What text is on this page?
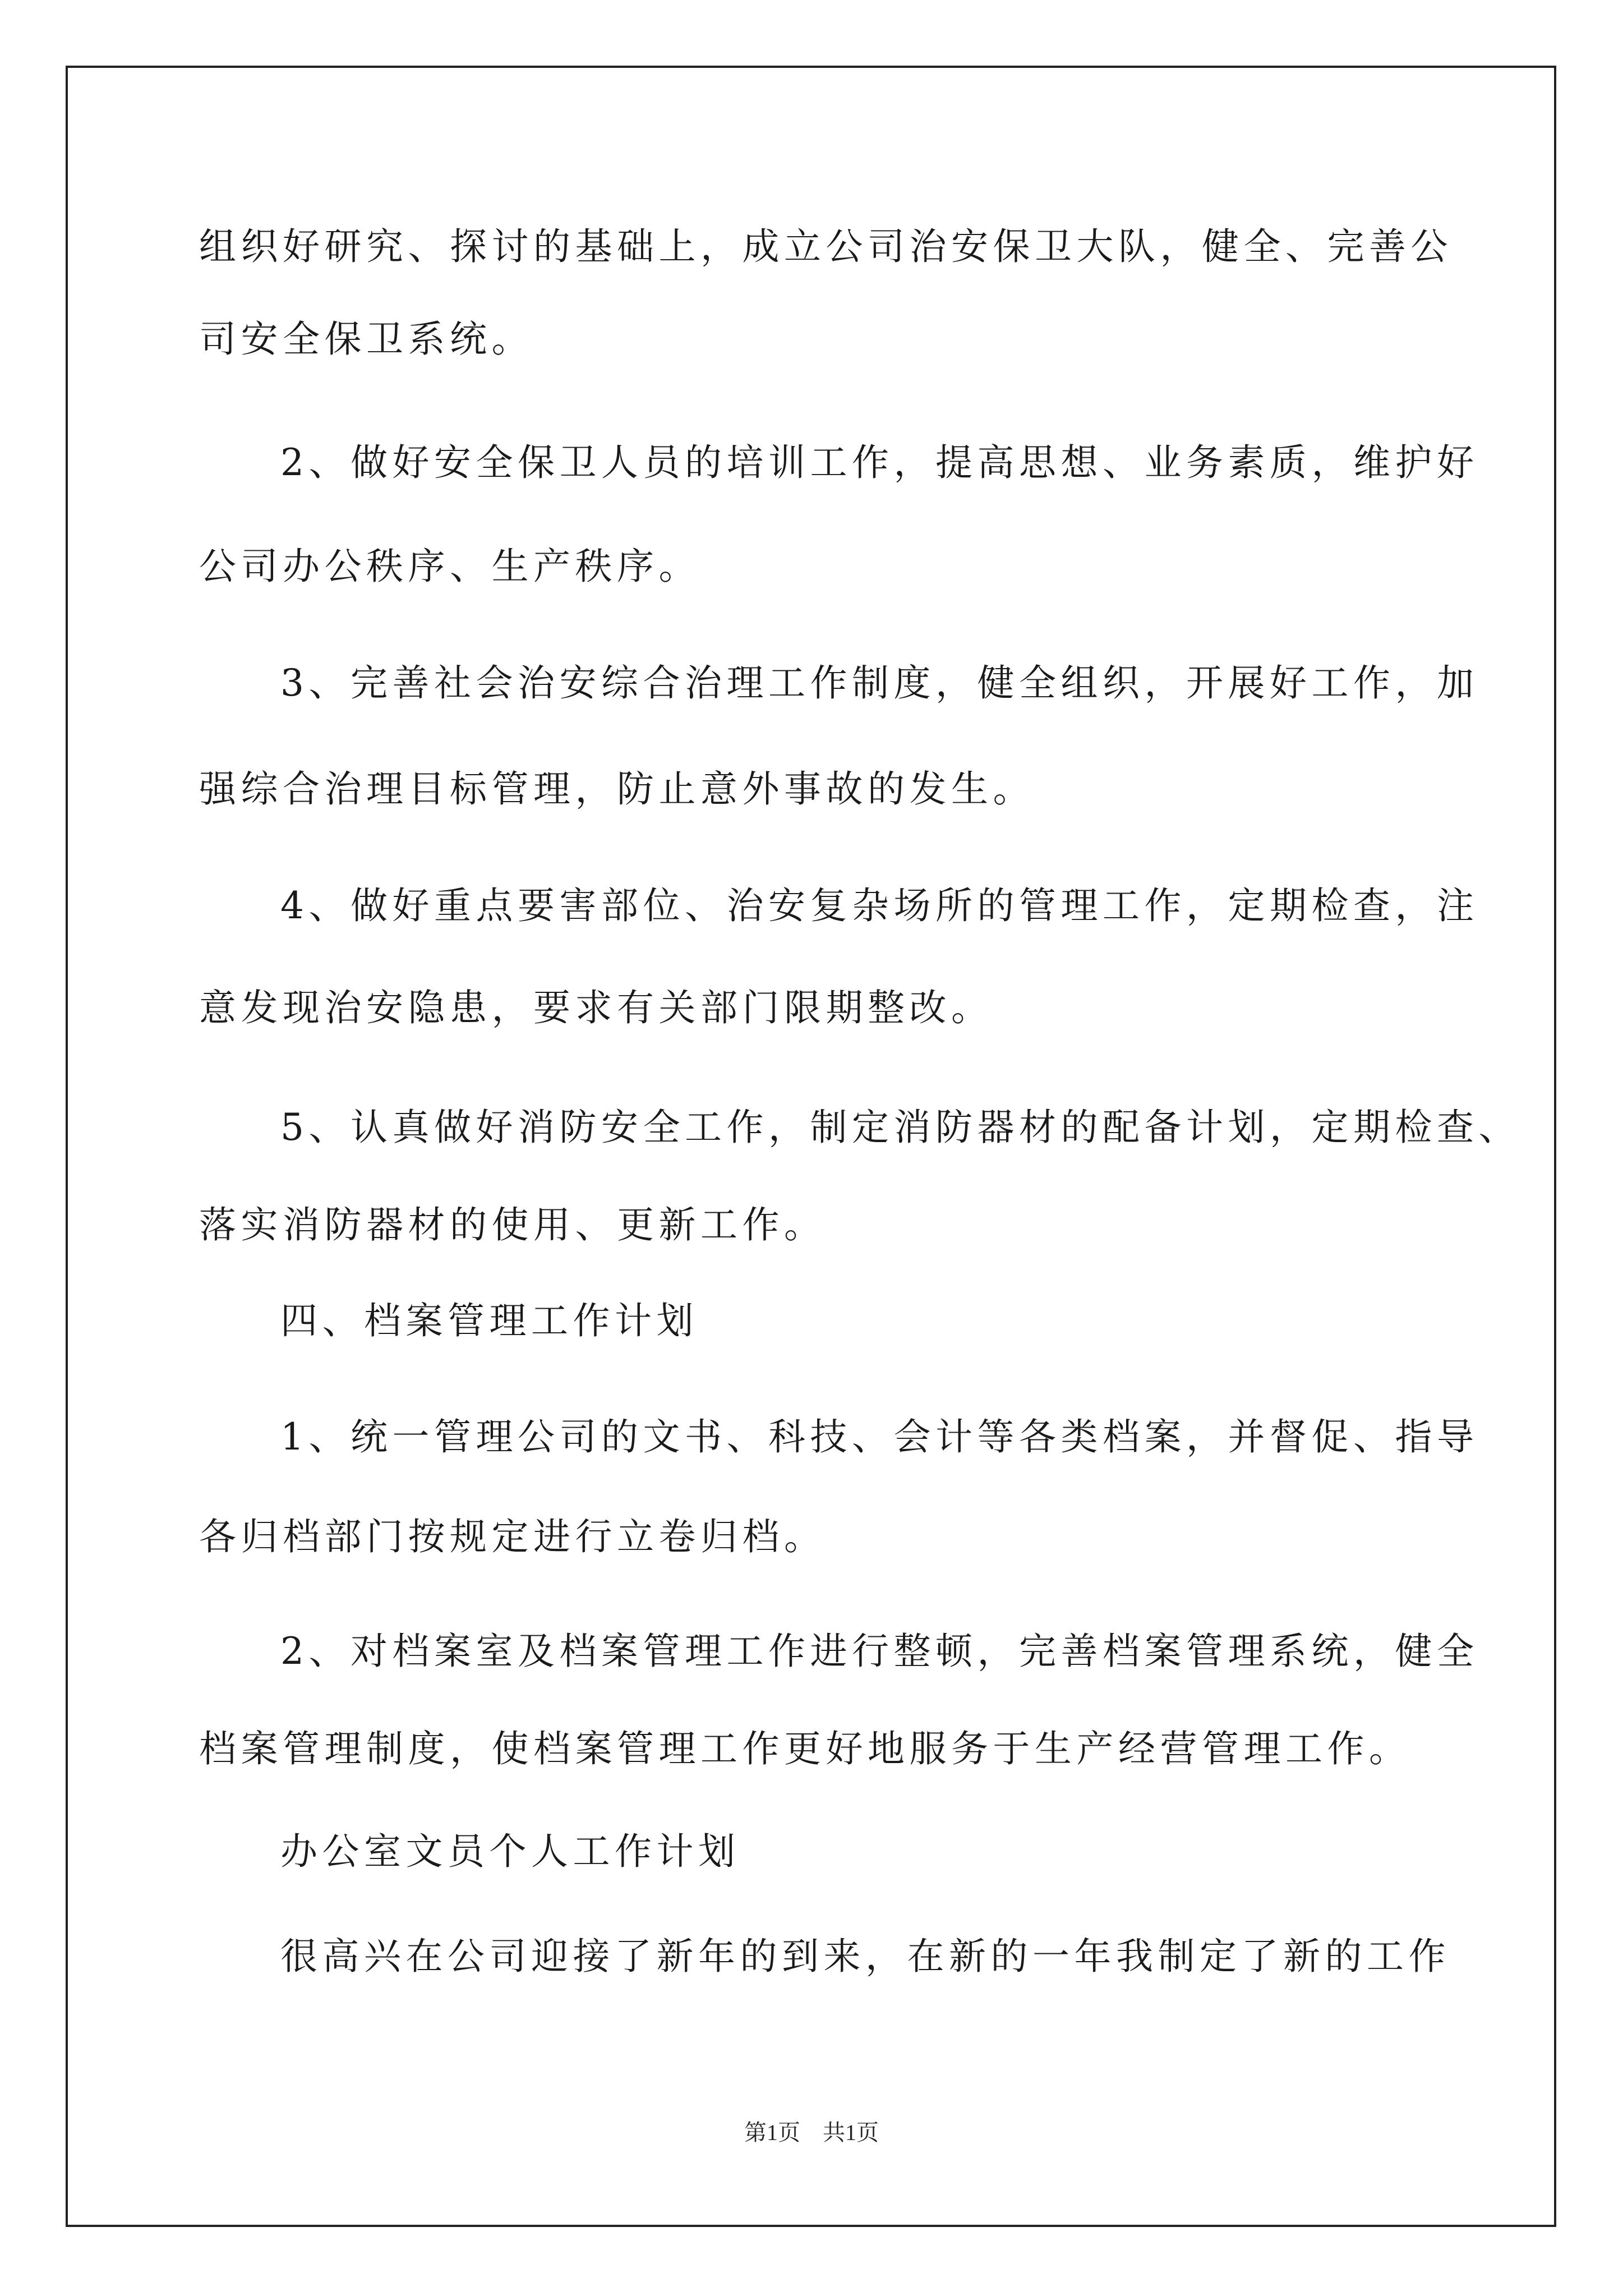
组织好研究、探讨的基础上，成立公司治安保卫大队，健全、完善公
司安全保卫系统。
2、做好安全保卫人员的培训工作，提高思想、业务素质，维护好
公司办公秩序、生产秩序。
3、完善社会治安综合治理工作制度，健全组织，开展好工作，加
强综合治理目标管理，防止意外事故的发生。
4、做好重点要害部位、治安复杂场所的管理工作，定期检查，注
意发现治安隐患，要求有关部门限期整改。
5、认真做好消防安全工作，制定消防器材的配备计划，定期检查、
落实消防器材的使用、更新工作。
四、档案管理工作计划
1、统一管理公司的文书、科技、会计等各类档案，并督促、指导
各归档部门按规定进行立卷归档。
2、对档案室及档案管理工作进行整顿，完善档案管理系统，健全
档案管理制度，使档案管理工作更好地服务于生产经营管理工作。
办公室文员个人工作计划
很高兴在公司迎接了新年的到来，在新的一年我制定了新的工作
第1页　共1页
